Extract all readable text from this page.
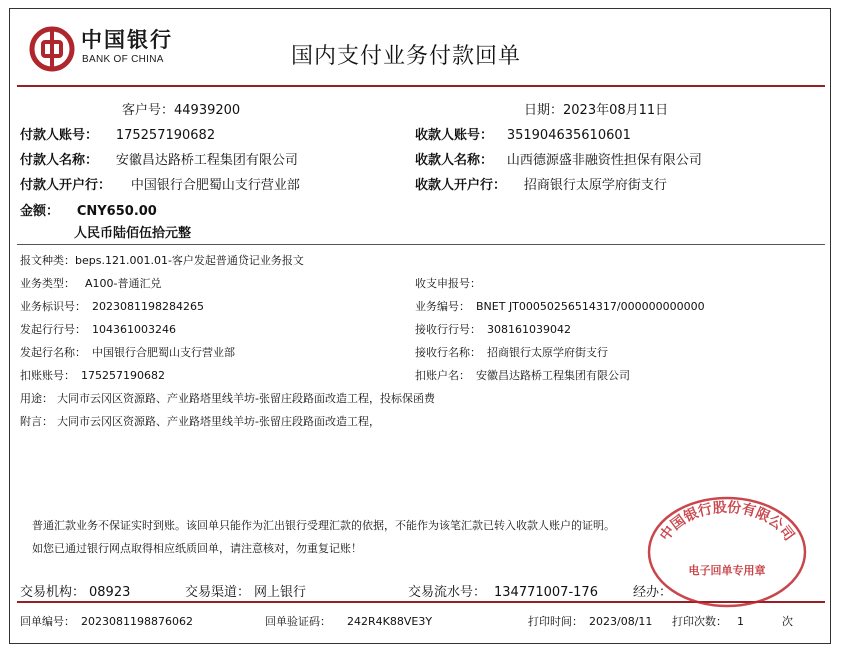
中国银行
BANK OF CHINA	国内支付业务付款回单
客户号：44939200	日期：2023年08月11日
付款人账号： 175257190682	收款人账号： 351904635610601
付款人名称： 安徽昌达路桥工程集团有限公司	收款人名称： 山西德源盛非融资性担保有限公司
付款人开户行： 中国银行合肥蜀山支行营业部	收款人开户行： 招商银行太原学府街支行
金额： CNY650.00
人民币陆佰伍拾元整
报文种类：beps.121.001.01-客户发起普通贷记业务报文
业务类型： A100-普通汇兑	收支申报号：
业务标识号： 2023081198284265	业务编号： BNET JT00050256514317/000000000000
发起行行号： 104361003246	接收行行号： 308161039042
发起行名称： 中国银行合肥蜀山支行营业部	接收行名称： 招商银行太原学府街支行
扣账账号： 175257190682	扣账户名： 安徽昌达路桥工程集团有限公司
用途： 大同市云冈区资源路、产业路塔里线羊坊-张留庄段路面改造工程，投标保函费
附言： 大同市云冈区资源路、产业路塔里线羊坊-张留庄段路面改造工程，
普通汇款业务不保证实时到账。该回单只能作为汇出银行受理汇款的依据，不能作为该笔汇款已转入收款人账户的证明。
如您已通过银行网点取得相应纸质回单，请注意核对，勿重复记账！
交易机构： 08923	交易渠道： 网上银行	交易流水号： 134771007-176	经办：
回单编号： 2023081198876062	回单验证码： 242R4K88VE3Y	打印时间： 2023/08/11 打印次数： 1	次
中国银行股份有限公司
电子回单专用章
